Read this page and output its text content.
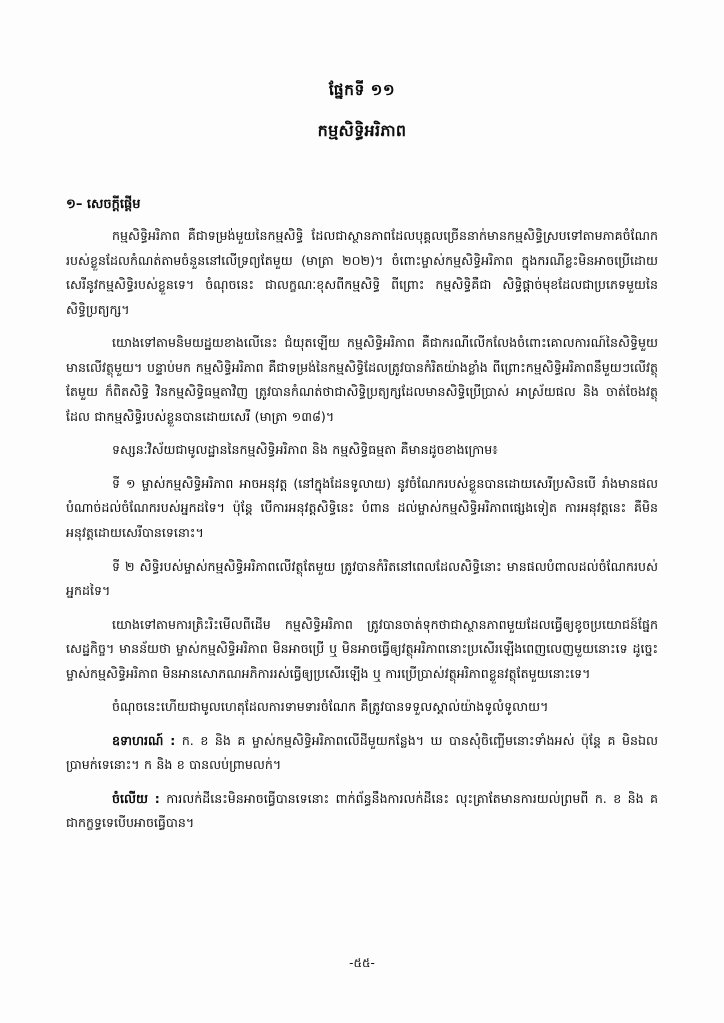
ផ្នែកទី ១១
កម្មសិទ្ធិអរិភាព
១– សេចក្ដីផ្ដើម

កម្មសិទ្ធិអរិភាព គឺជាទម្រង់មួយនៃកម្មសិទ្ធិ ដែលជាស្ថានភាពដែលបុគ្គលច្រើននាក់មានកម្មសិទ្ធិស្របទៅតាមភាគចំណែករបស់ខ្លួនដែលកំណត់តាមចំនួននៅលើទ្រព្យតែមួយ (មាត្រា ២០២)។ ចំពោះម្ចាស់កម្មសិទ្ធិអរិភាព ក្នុងករណីខ្លះមិនអាចប្រើដោយសេរីនូវកម្មសិទ្ធិរបស់ខ្លួនទេ។ ចំណុចនេះ ជាលក្ខណៈខុសពីកម្មសិទ្ធិ ពីព្រោះ កម្មសិទ្ធិគឺជា សិទ្ធិផ្ដាច់មុខដែលជាប្រភេទមួយនៃសិទ្ធិប្រត្យក្ស។

យោងទៅតាមនិមយដ្ឋយខាងលើនេះ ជំយុតឡើយ កម្មសិទ្ធិអរិភាព គឺជាករណីលើកលែងចំពោះគោលការណ៍នៃសិទ្ធិមួយមានលើវត្ថុមួយ។ បន្ទាប់មក កម្មសិទ្ធិអរិភាព គឺជាទម្រង់នៃកម្មសិទ្ធិដែលត្រូវបានកំរិតយ៉ាងខ្លាំង ពីព្រោះកម្មសិទ្ធិអរិភាពនឹមួយៗលើវត្ថុតែមួយ ក៏ពិតសិទ្ធិ វិនកម្មសិទ្ធិធម្មតាវិញ ត្រូវបានកំណត់ថាជាសិទ្ធិប្រត្យក្សដែលមានសិទ្ធិប្រើប្រាស់ អាស្រ័យផល និង ចាត់ចែងវត្ថុដែល ជាកម្មសិទ្ធិរបស់ខ្លួនបានដោយសេរី (មាត្រា ១៣៨)។

ទស្សនៈវិស័យជាមូលដ្ឋាននៃកម្មសិទ្ធិអរិភាព និង កម្មសិទ្ធិធម្មតា គឺមានដូចខាងក្រោម៖

ទី ១ ម្ចាស់កម្មសិទ្ធិអរិភាព អាចអនុវត្ត (នៅក្នុងដែនទូលាយ) នូវចំណែករបស់ខ្លួនបានដោយសេរីប្រសិនបើ រាំងមានផលបំណាច់ដល់ចំណែករបស់អ្នកដទៃ។ ប៉ុន្តែ បើការអនុវត្តសិទ្ធិនេះ បំពាន ដល់ម្ចាស់កម្មសិទ្ធិអរិភាពផេ្សងទៀត ការអនុវត្តនេះ គឺមិនអនុវត្តដោយសេរីបានទេនោះ។

ទី ២ សិទ្ធិរបស់ម្ចាស់កម្មសិទ្ធិអរិភាពលើវត្ថុតែមួយ ត្រូវបានកំរិតនៅពេលដែលសិទ្ធិនោះ មានផលបំពាលដល់ចំណែករបស់អ្នកដទៃ។

យោងទៅតាមការត្រិះរិះមើលពីដើម កម្មសិទ្ធិអរិភាព ត្រូវបានចាត់ទុកថាជាស្ថានភាពមួយដែលធ្វើឲ្យខូចប្រយោជន៍ផ្នែកសេដ្ឋកិច្ច។ មានន័យថា ម្ចាស់កម្មសិទ្ធិអរិភាព មិនអាចប្រើ ឬ មិនអាចធ្វើឲ្យវត្ថុអរិភាពនោះប្រសើរឡើងពេញលេញមួយនោះទេ ដូច្នេះ ម្ចាស់កម្មសិទ្ធិអរិភាព មិនអានសោភណអភិការរស់ធ្វើឲ្យប្រសើរឡើង ឬ ការប្រើប្រាស់វត្ថុអរិភាពខ្លួនវត្ថុតែមួយនោះទេ។

ចំណុចនេះហើយជាមូលហេតុដែលការទាមទារចំណែក គឺត្រូវបានទទួលស្គាល់យ៉ាងទូលំទូលាយ។

ឧទាហរណ៍ : ក. ខ និង គ ម្ចាស់កម្មសិទ្ធិអរិភាពលើដីមួយកន្លែង។ ឃ បានសុំចិញ្ចើមនោះទាំងអស់ ប៉ុន្តែ គ មិនឯលប្រាមក់ទេនោះ។ ក និង ខ បានលប់ព្រាមលក់។

ចំលើយ : ការលក់ដីនេះមិនអាចធ្វើបានទេនោះ ពាក់ព័ន្ធនឹងការលក់ដីនេះ លុះត្រាតែមានការយល់ព្រមពី ក. ខ និង គ ជាកក្ខទ្ធទេបើបអាចធ្វើបាន។

-៥៥-
